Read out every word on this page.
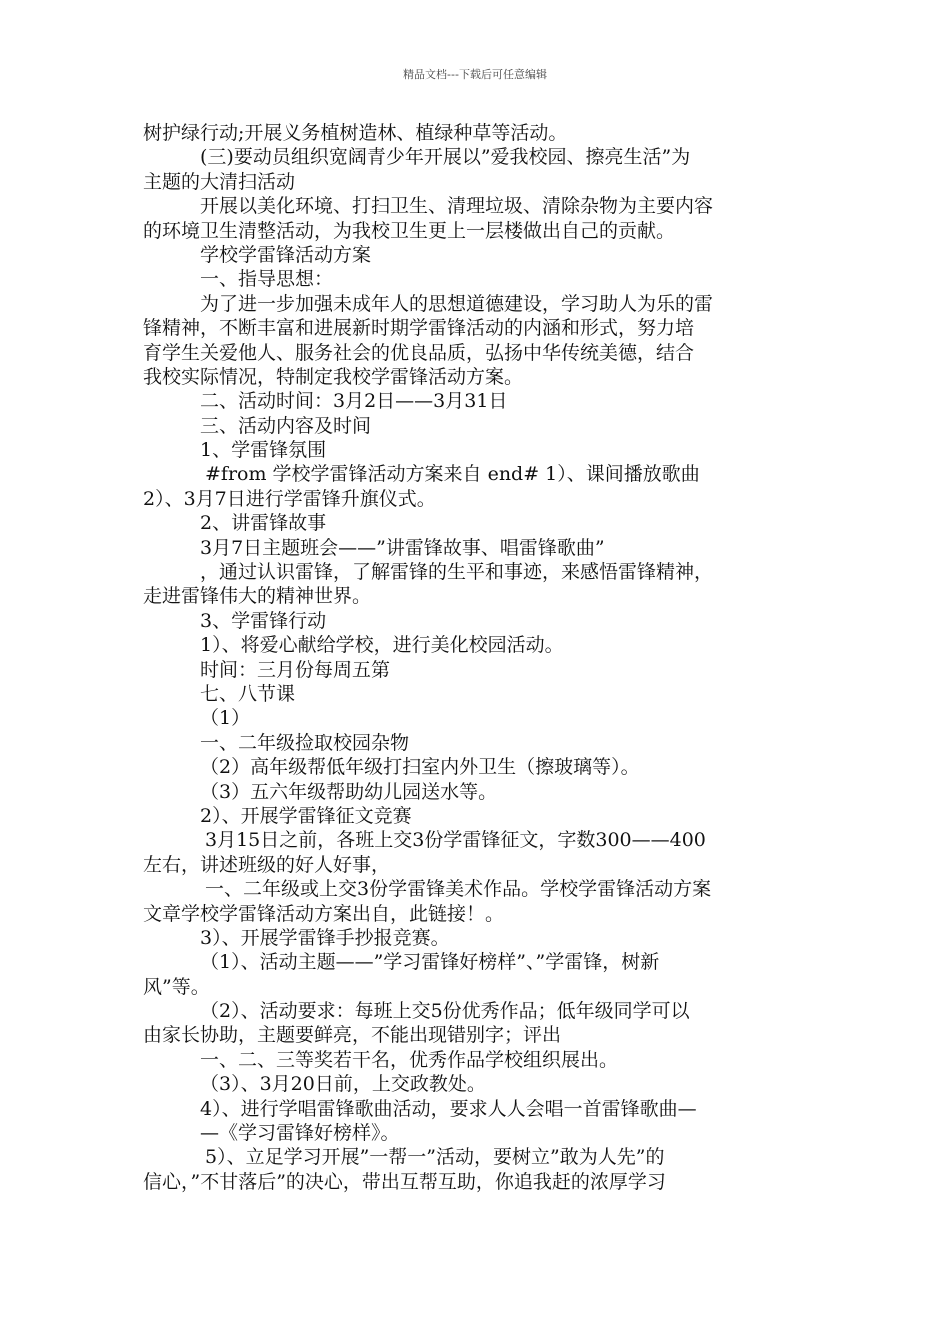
精品文档---下载后可任意编辑
树护绿行动;开展义务植树造林、植绿种草等活动。
(三)要动员组织宽阔青少年开展以”爱我校园、擦亮生活”为
主题的大清扫活动
开展以美化环境、打扫卫生、清理垃圾、清除杂物为主要内容
的环境卫生清整活动，为我校卫生更上一层楼做出自己的贡献。
学校学雷锋活动方案
一、指导思想：
为了进一步加强未成年人的思想道德建设，学习助人为乐的雷
锋精神，不断丰富和进展新时期学雷锋活动的内涵和形式，努力培
育学生关爱他人、服务社会的优良品质，弘扬中华传统美德，结合
我校实际情况，特制定我校学雷锋活动方案。
二、活动时间：3月2日——3月31日
三、活动内容及时间
1、学雷锋氛围
#from 学校学雷锋活动方案来自 end# 1）、课间播放歌曲
2）、3月7日进行学雷锋升旗仪式。
2、讲雷锋故事
3月7日主题班会——”讲雷锋故事、唱雷锋歌曲”
，通过认识雷锋，了解雷锋的生平和事迹，来感悟雷锋精神，
走进雷锋伟大的精神世界。
3、学雷锋行动
1）、将爱心献给学校，进行美化校园活动。
时间：三月份每周五第
七、八节课
（1）
一、二年级捡取校园杂物
（2）高年级帮低年级打扫室内外卫生（擦玻璃等）。
（3）五六年级帮助幼儿园送水等。
2）、开展学雷锋征文竞赛
3月15日之前，各班上交3份学雷锋征文，字数300——400
左右，讲述班级的好人好事，
一、二年级或上交3份学雷锋美术作品。学校学雷锋活动方案
文章学校学雷锋活动方案出自，此链接！。
3）、开展学雷锋手抄报竞赛。
（1）、活动主题——”学习雷锋好榜样”、”学雷锋，树新
风”等。
（2）、活动要求：每班上交5份优秀作品；低年级同学可以
由家长协助，主题要鲜亮，不能出现错别字；评出
一、二、三等奖若干名，优秀作品学校组织展出。
（3）、3月20日前，上交政教处。
4）、进行学唱雷锋歌曲活动，要求人人会唱一首雷锋歌曲—
—《学习雷锋好榜样》。
5）、立足学习开展”一帮一”活动，要树立”敢为人先”的
信心，”不甘落后”的决心，带出互帮互助，你追我赶的浓厚学习
